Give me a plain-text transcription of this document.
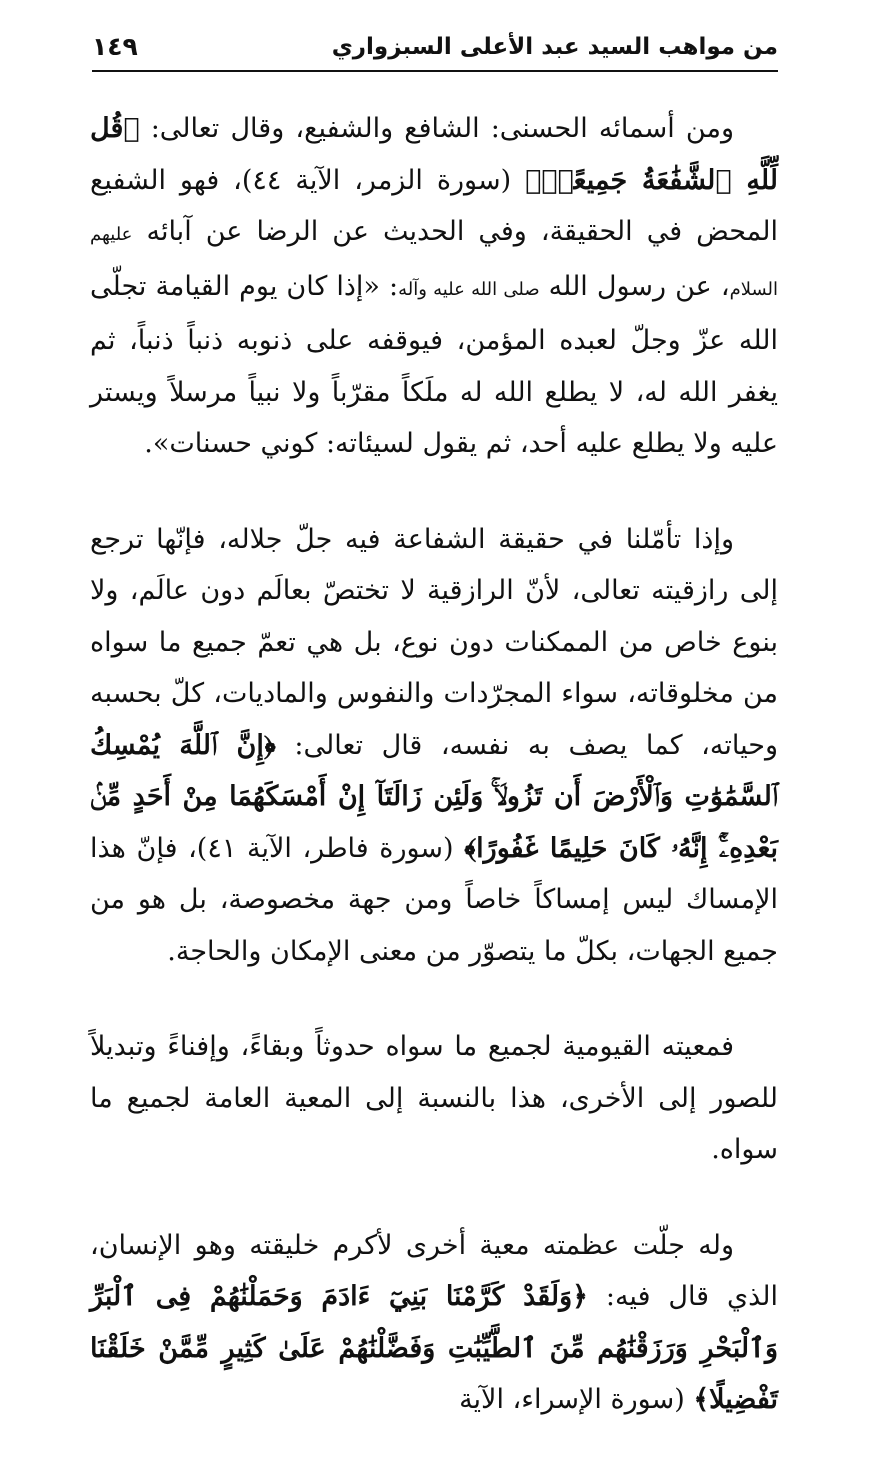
من مواهب السيد عبد الأعلى السبزواري
١٤٩

ومن أسمائه الحسنى: الشافع والشفيع، وقال تعالى: ﴿قُل لِّلَّهِ ٱلشَّفَٰعَةُ جَمِيعًاۖ﴾ (سورة الزمر، الآية ٤٤)، فهو الشفيع المحض في الحقيقة، وفي الحديث عن الرضا عن آبائه عليهم السلام، عن رسول الله صلى الله عليه وآله: «إذا كان يوم القيامة تجلّى الله عزّ وجلّ لعبده المؤمن، فيوقفه على ذنوبه ذنباً ذنباً، ثم يغفر الله له، لا يطلع الله له ملَكاً مقرّباً ولا نبياً مرسلاً ويستر عليه ولا يطلع عليه أحد، ثم يقول لسيئاته: كوني حسنات».

وإذا تأمّلنا في حقيقة الشفاعة فيه جلّ جلاله، فإنّها ترجع إلى رازقيته تعالى، لأنّ الرازقية لا تختصّ بعالَم دون عالَم، ولا بنوع خاص من الممكنات دون نوع، بل هي تعمّ جميع ما سواه من مخلوقاته، سواء المجرّدات والنفوس والماديات، كلّ بحسبه وحياته، كما يصف به نفسه، قال تعالى: ﴿إِنَّ ٱللَّهَ يُمْسِكُ ٱلسَّمَٰوَٰتِ وَٱلْأَرْضَ أَن تَزُولَاۚ وَلَئِن زَالَتَآ إِنْ أَمْسَكَهُمَا مِنْ أَحَدٍ مِّنۢ بَعْدِهِۦٓۚ إِنَّهُۥ كَانَ حَلِيمًا غَفُورًا﴾ (سورة فاطر، الآية ٤١)، فإنّ هذا الإمساك ليس إمساكاً خاصاً ومن جهة مخصوصة، بل هو من جميع الجهات، بكلّ ما يتصوّر من معنى الإمكان والحاجة.

فمعيته القيومية لجميع ما سواه حدوثاً وبقاءً، وإفناءً وتبديلاً للصور إلى الأخرى، هذا بالنسبة إلى المعية العامة لجميع ما سواه.

وله جلّت عظمته معية أخرى لأكرم خليقته وهو الإنسان، الذي قال فيه: ﴿وَلَقَدْ كَرَّمْنَا بَنِيٓ ءَادَمَ وَحَمَلْنَٰهُمْ فِى ٱلْبَرِّ وَٱلْبَحْرِ وَرَزَقْنَٰهُم مِّنَ ٱلطَّيِّبَٰتِ وَفَضَّلْنَٰهُمْ عَلَىٰ كَثِيرٍ مِّمَّنْ خَلَقْنَا تَفْضِيلًا﴾ (سورة الإسراء، الآية
